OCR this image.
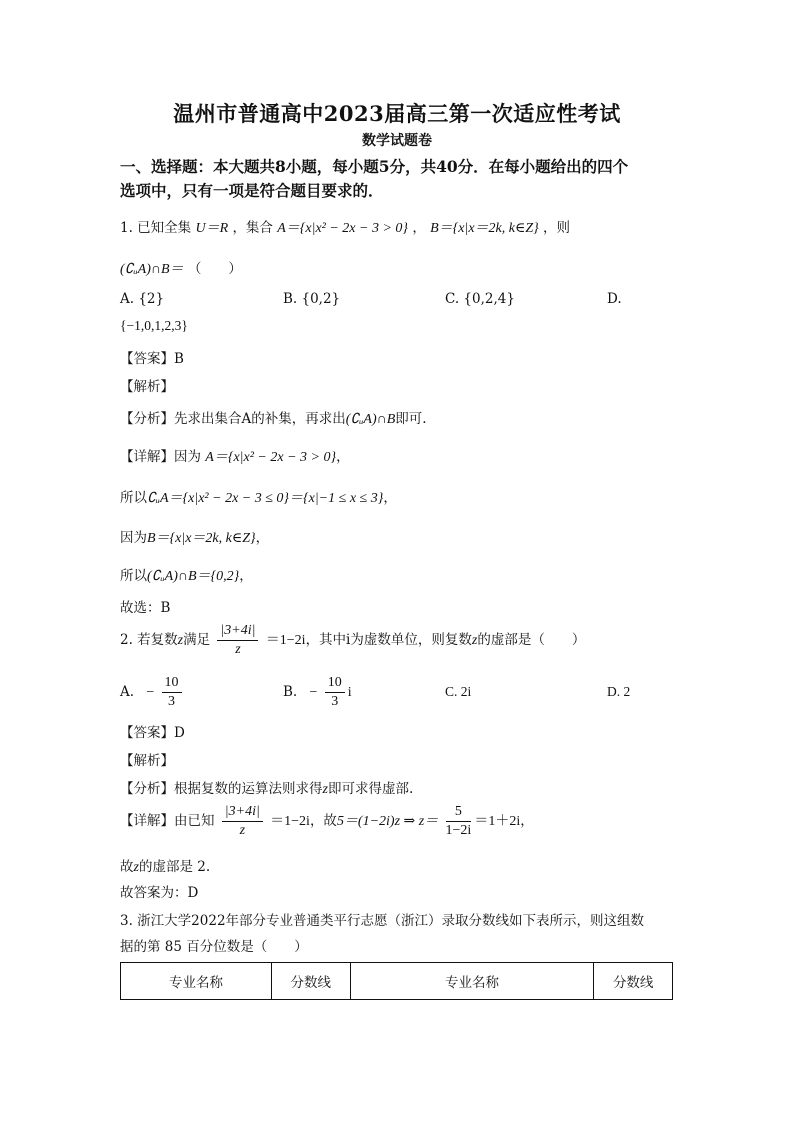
温州市普通高中2023届高三第一次适应性考试
数学试题卷
一、选择题：本大题共8小题，每小题5分，共40分．在每小题给出的四个
选项中，只有一项是符合题目要求的．
1. 已知全集 U＝R ，集合 A＝{x|x² − 2x − 3 > 0} ， B＝{x|x＝2k, k∈Z} ，则
(∁ᵤA)∩B＝ （　　）
A. {2}	B. {0,2}	C. {0,2,4}	D.
{−1,0,1,2,3}
【答案】B
【解析】
【分析】先求出集合A的补集，再求出(∁ᵤA)∩B即可.
【详解】因为 A＝{x|x² − 2x − 3 > 0}，
所以∁ᵤA＝{x|x² − 2x − 3 ≤ 0}＝{x|−1 ≤ x ≤ 3}，
因为B＝{x|x＝2k, k∈Z}，
所以(∁ᵤA)∩B＝{0,2}，
故选：B
2. 若复数z满足 $\frac{|3+4i|}{z} =1-2i$，其中i为虚数单位，则复数z的虚部是（　　）
A. − $\frac{10}{3}$	B. − $\frac{10}{3}$ i	C. 2i	D. 2
【答案】D
【解析】
【分析】根据复数的运算法则求得z即可求得虚部.
【详解】由已知 $\frac{|3+4i|}{z} =1-2i$，故5＝(1−2i)z ⇒ $z= \frac{5}{1-2i} =1+2i$，
故z的虚部是 2.
故答案为：D
3. 浙江大学2022年部分专业普通类平行志愿（浙江）录取分数线如下表所示，则这组数
据的第 85 百分位数是（　　）
专业名称	分数线	专业名称	分数线
